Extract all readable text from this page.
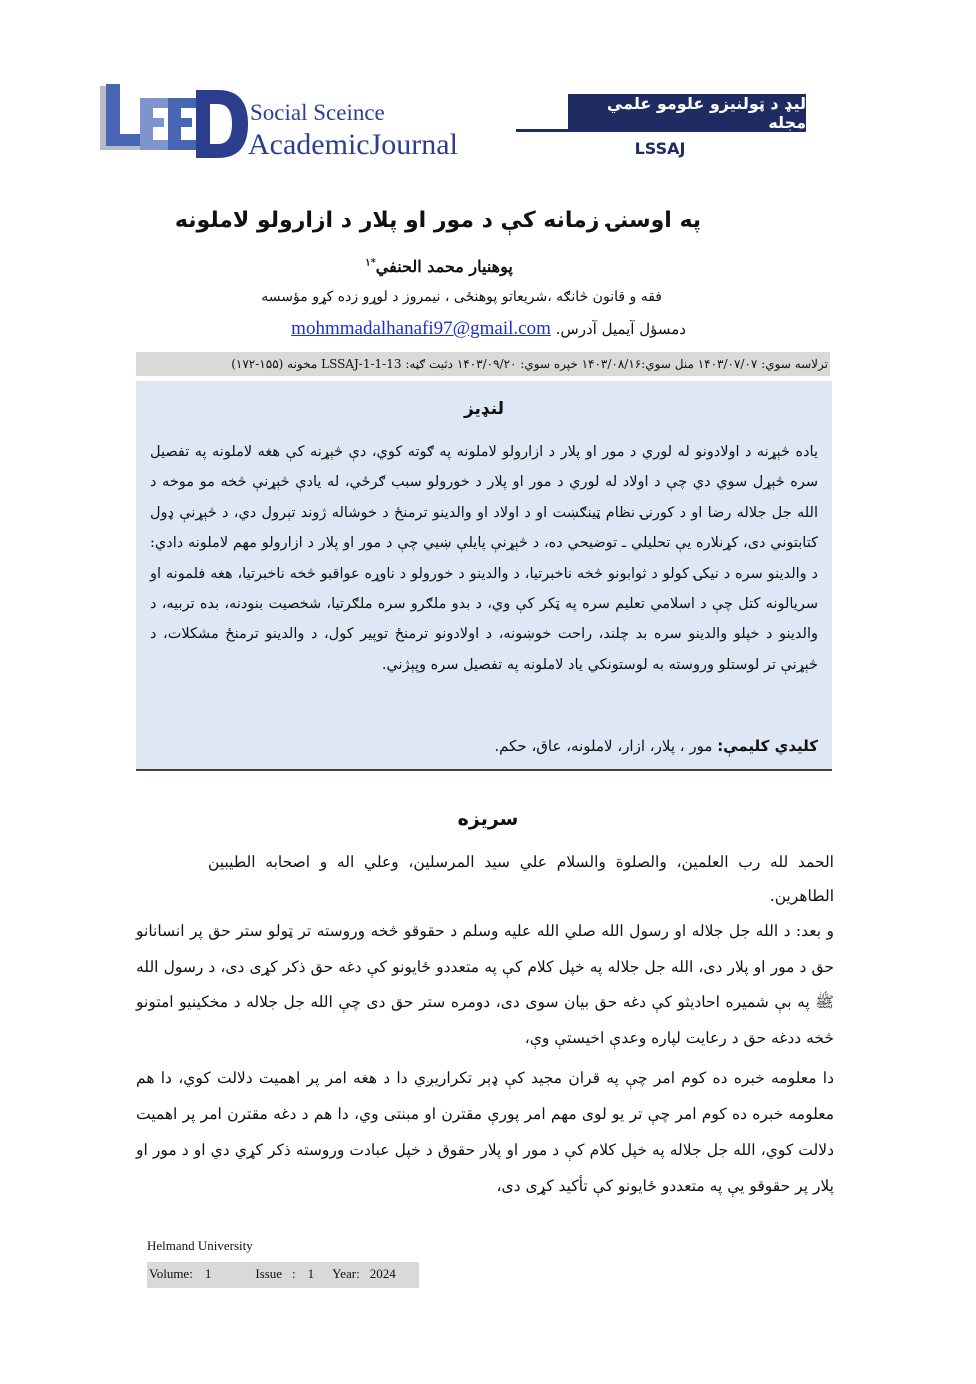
Social Sceince
AcademicJournal
لیډ د ټولنیزو علومو علمي مجله
LSSAJ
په اوسنۍ زمانه کې د مور او پلار د ازارولو لاملونه
پوهنیار محمد الحنفي$^{*۱}$
فقه و قانون څانګه ،شریعاتو پوهنځی ، نیمروز د لوړو زده کړو مؤسسه
دمسؤل آیمیل آدرس. mohmmadalhanafi97@gmail.com
ترلاسه سوي: ۱۴۰۳/۰۷/۰۷ منل سوي:۱۴۰۳/۰۸/۱۶ خپره سوي: ۱۴۰۳/۰۹/۲۰ دثبت ګڼه: LSSAJ-1-1-13 مخونه (۱۵۵-۱۷۲)
لنډیز
یاده څېړنه د اولادونو له لوري د مور او پلار د ازارولو لاملونه په ګوته کوي، دې څېړنه کې هغه لاملونه په تفصیل سره څېړل سوي دي چې د اولاد له لوري د مور او پلار د خورولو سبب ګرځي، له یادې څېړنې څخه مو موخه د الله جل جلاله رضا او د کورنۍ نظام ټینګښت او د اولاد او والدینو ترمنځ د خوشاله ژوند تېرول دي، د څېړنې ډول کتابتوني دی، کړنلاره یې تحلیلي ـ توضیحي ده، د څېړنې پایلې ښیي چې د مور او پلار د ازارولو مهم لاملونه دادي: د والدینو سره د نیکۍ کولو د ثوابونو څخه ناخبرتیا، د والدینو د خورولو د ناوړه عواقبو څخه ناخبرتیا، هغه فلمونه او سریالونه کتل چې د اسلامي تعلیم سره په ټکر کې وي، د بدو ملګرو سره ملګرتیا، شخصیت بنودنه، بده تربیه، د والدینو د خپلو والدینو سره بد چلند، راحت خوښونه، د اولادونو ترمنځ توپیر کول، د والدینو ترمنځ مشکلات، د څېړنې تر لوستلو وروسته به لوستونکي یاد لاملونه په تفصیل سره وپېژني.
کلیدي کلیمې: مور ، پلار، ازار، لاملونه، عاق، حکم.
سریزه
الحمد لله رب العلمین، والصلوة والسلام علي سید المرسلین، وعلي اله و اصحابه الطیبین الطاهرین.
و بعد: د الله جل جلاله او رسول الله صلي الله علیه وسلم د حقوقو څخه وروسته تر ټولو ستر حق پر انسانانو حق د مور او پلار دی، الله جل جلاله په خپل کلام کې په متعددو ځایونو کې دغه حق ذکر کړی دی، د رسول الله ﷺ په بې شمیره احادیثو کې دغه حق بیان سوی دی، دومره ستر حق دی چې الله جل جلاله د مخکینیو امتونو څخه ددغه حق د رعایت لپاره وعدې اخیستې وې،
دا معلومه خبره ده کوم امر چې په قران مجید کې ډېر تکراریږي دا د هغه امر پر اهمیت دلالت کوي، دا هم معلومه خبره ده کوم امر چې تر یو لوی مهم امر پورې مقترن او مبنتی وي، دا هم د دغه مقترن امر پر اهمیت دلالت کوي، الله جل جلاله په خپل کلام کې د مور او پلار حقوق د خپل عبادت وروسته ذکر کړي دي او د مور او پلار پر حقوقو یې په متعددو ځایونو کې تأکید کړی دی،
Helmand University
Volume: 1	Issue : 1 Year: 2024
